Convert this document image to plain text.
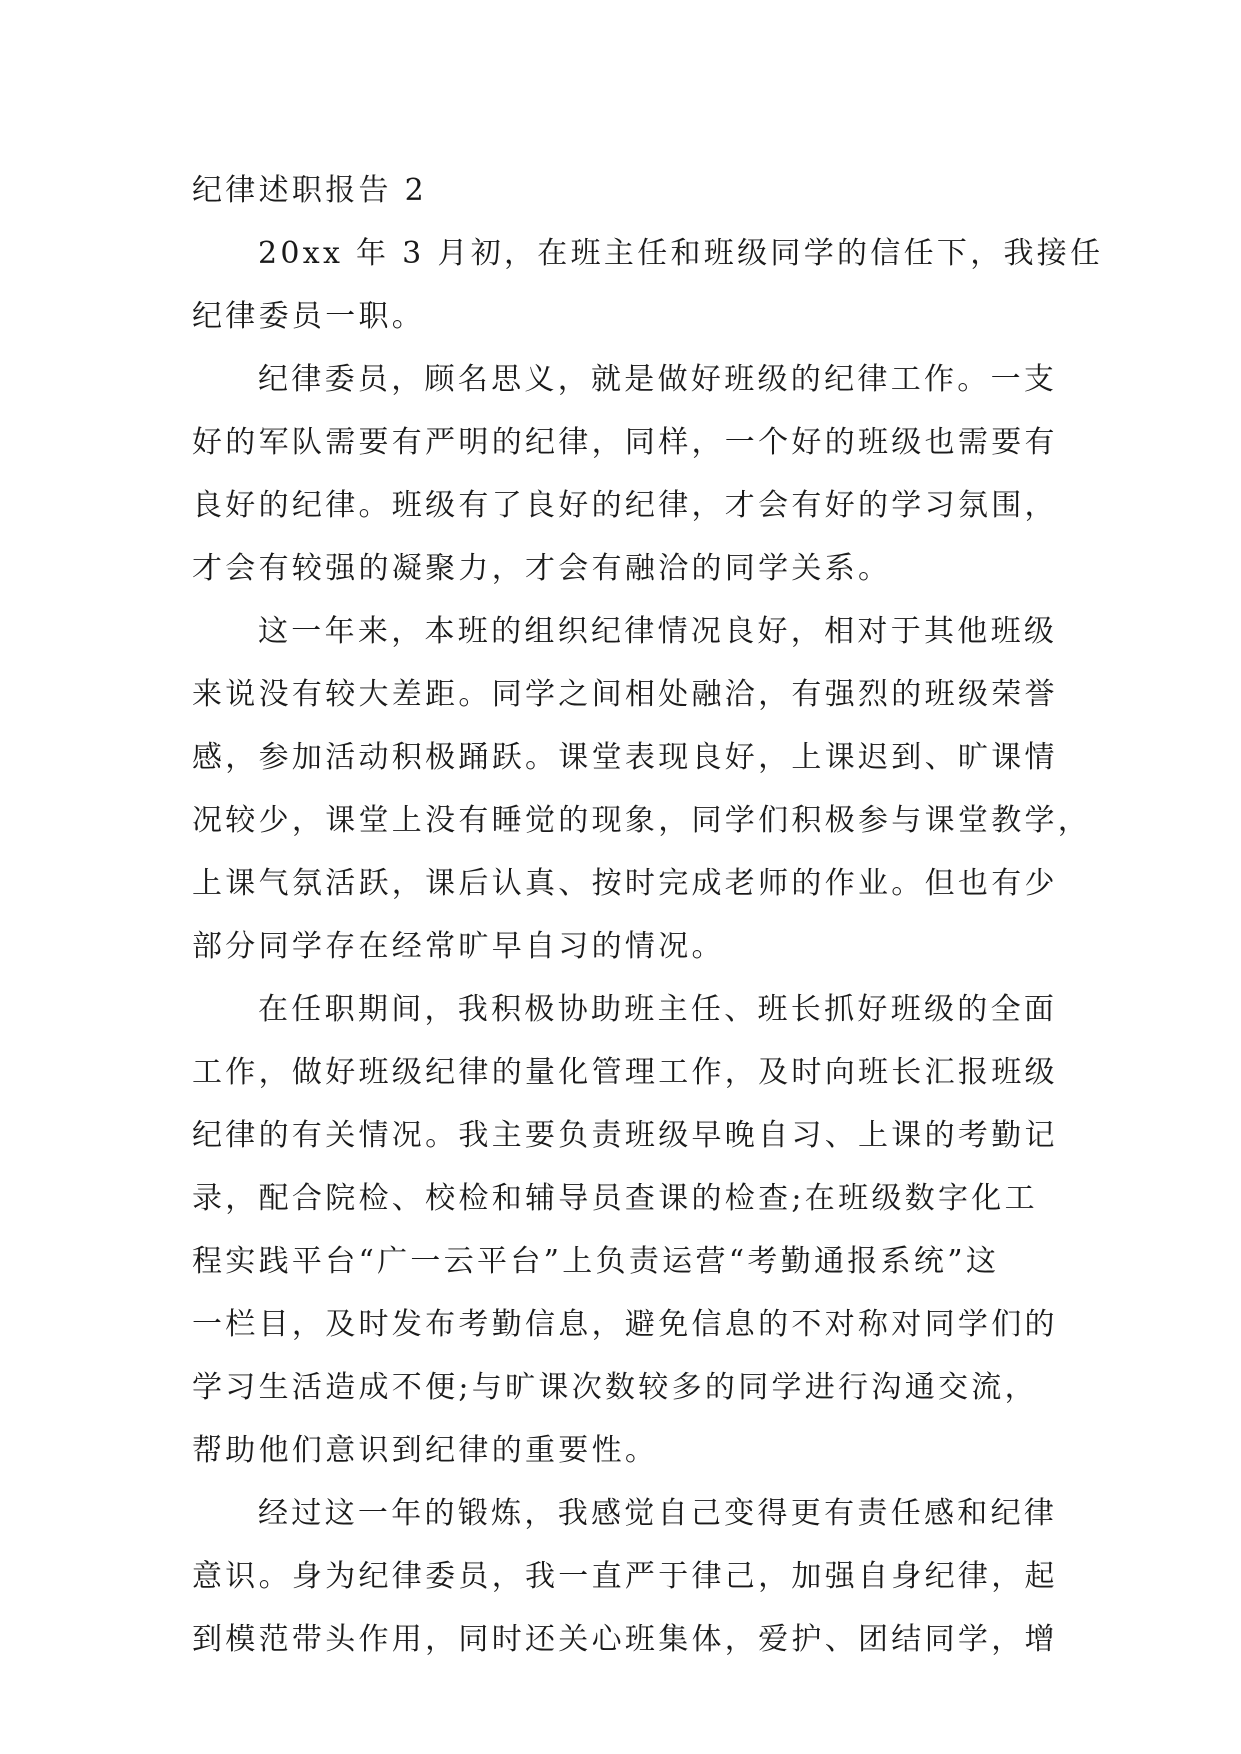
纪律述职报告 2
20xx 年 3 月初，在班主任和班级同学的信任下，我接任
纪律委员一职。
纪律委员，顾名思义，就是做好班级的纪律工作。一支
好的军队需要有严明的纪律，同样，一个好的班级也需要有
良好的纪律。班级有了良好的纪律，才会有好的学习氛围，
才会有较强的凝聚力，才会有融洽的同学关系。
这一年来，本班的组织纪律情况良好，相对于其他班级
来说没有较大差距。同学之间相处融洽，有强烈的班级荣誉
感，参加活动积极踊跃。课堂表现良好，上课迟到、旷课情
况较少，课堂上没有睡觉的现象，同学们积极参与课堂教学，
上课气氛活跃，课后认真、按时完成老师的作业。但也有少
部分同学存在经常旷早自习的情况。
在任职期间，我积极协助班主任、班长抓好班级的全面
工作，做好班级纪律的量化管理工作，及时向班长汇报班级
纪律的有关情况。我主要负责班级早晚自习、上课的考勤记
录，配合院检、校检和辅导员查课的检查;在班级数字化工
程实践平台“广一云平台”上负责运营“考勤通报系统”这
一栏目，及时发布考勤信息，避免信息的不对称对同学们的
学习生活造成不便;与旷课次数较多的同学进行沟通交流，
帮助他们意识到纪律的重要性。
经过这一年的锻炼，我感觉自己变得更有责任感和纪律
意识。身为纪律委员，我一直严于律己，加强自身纪律，起
到模范带头作用，同时还关心班集体，爱护、团结同学，增
